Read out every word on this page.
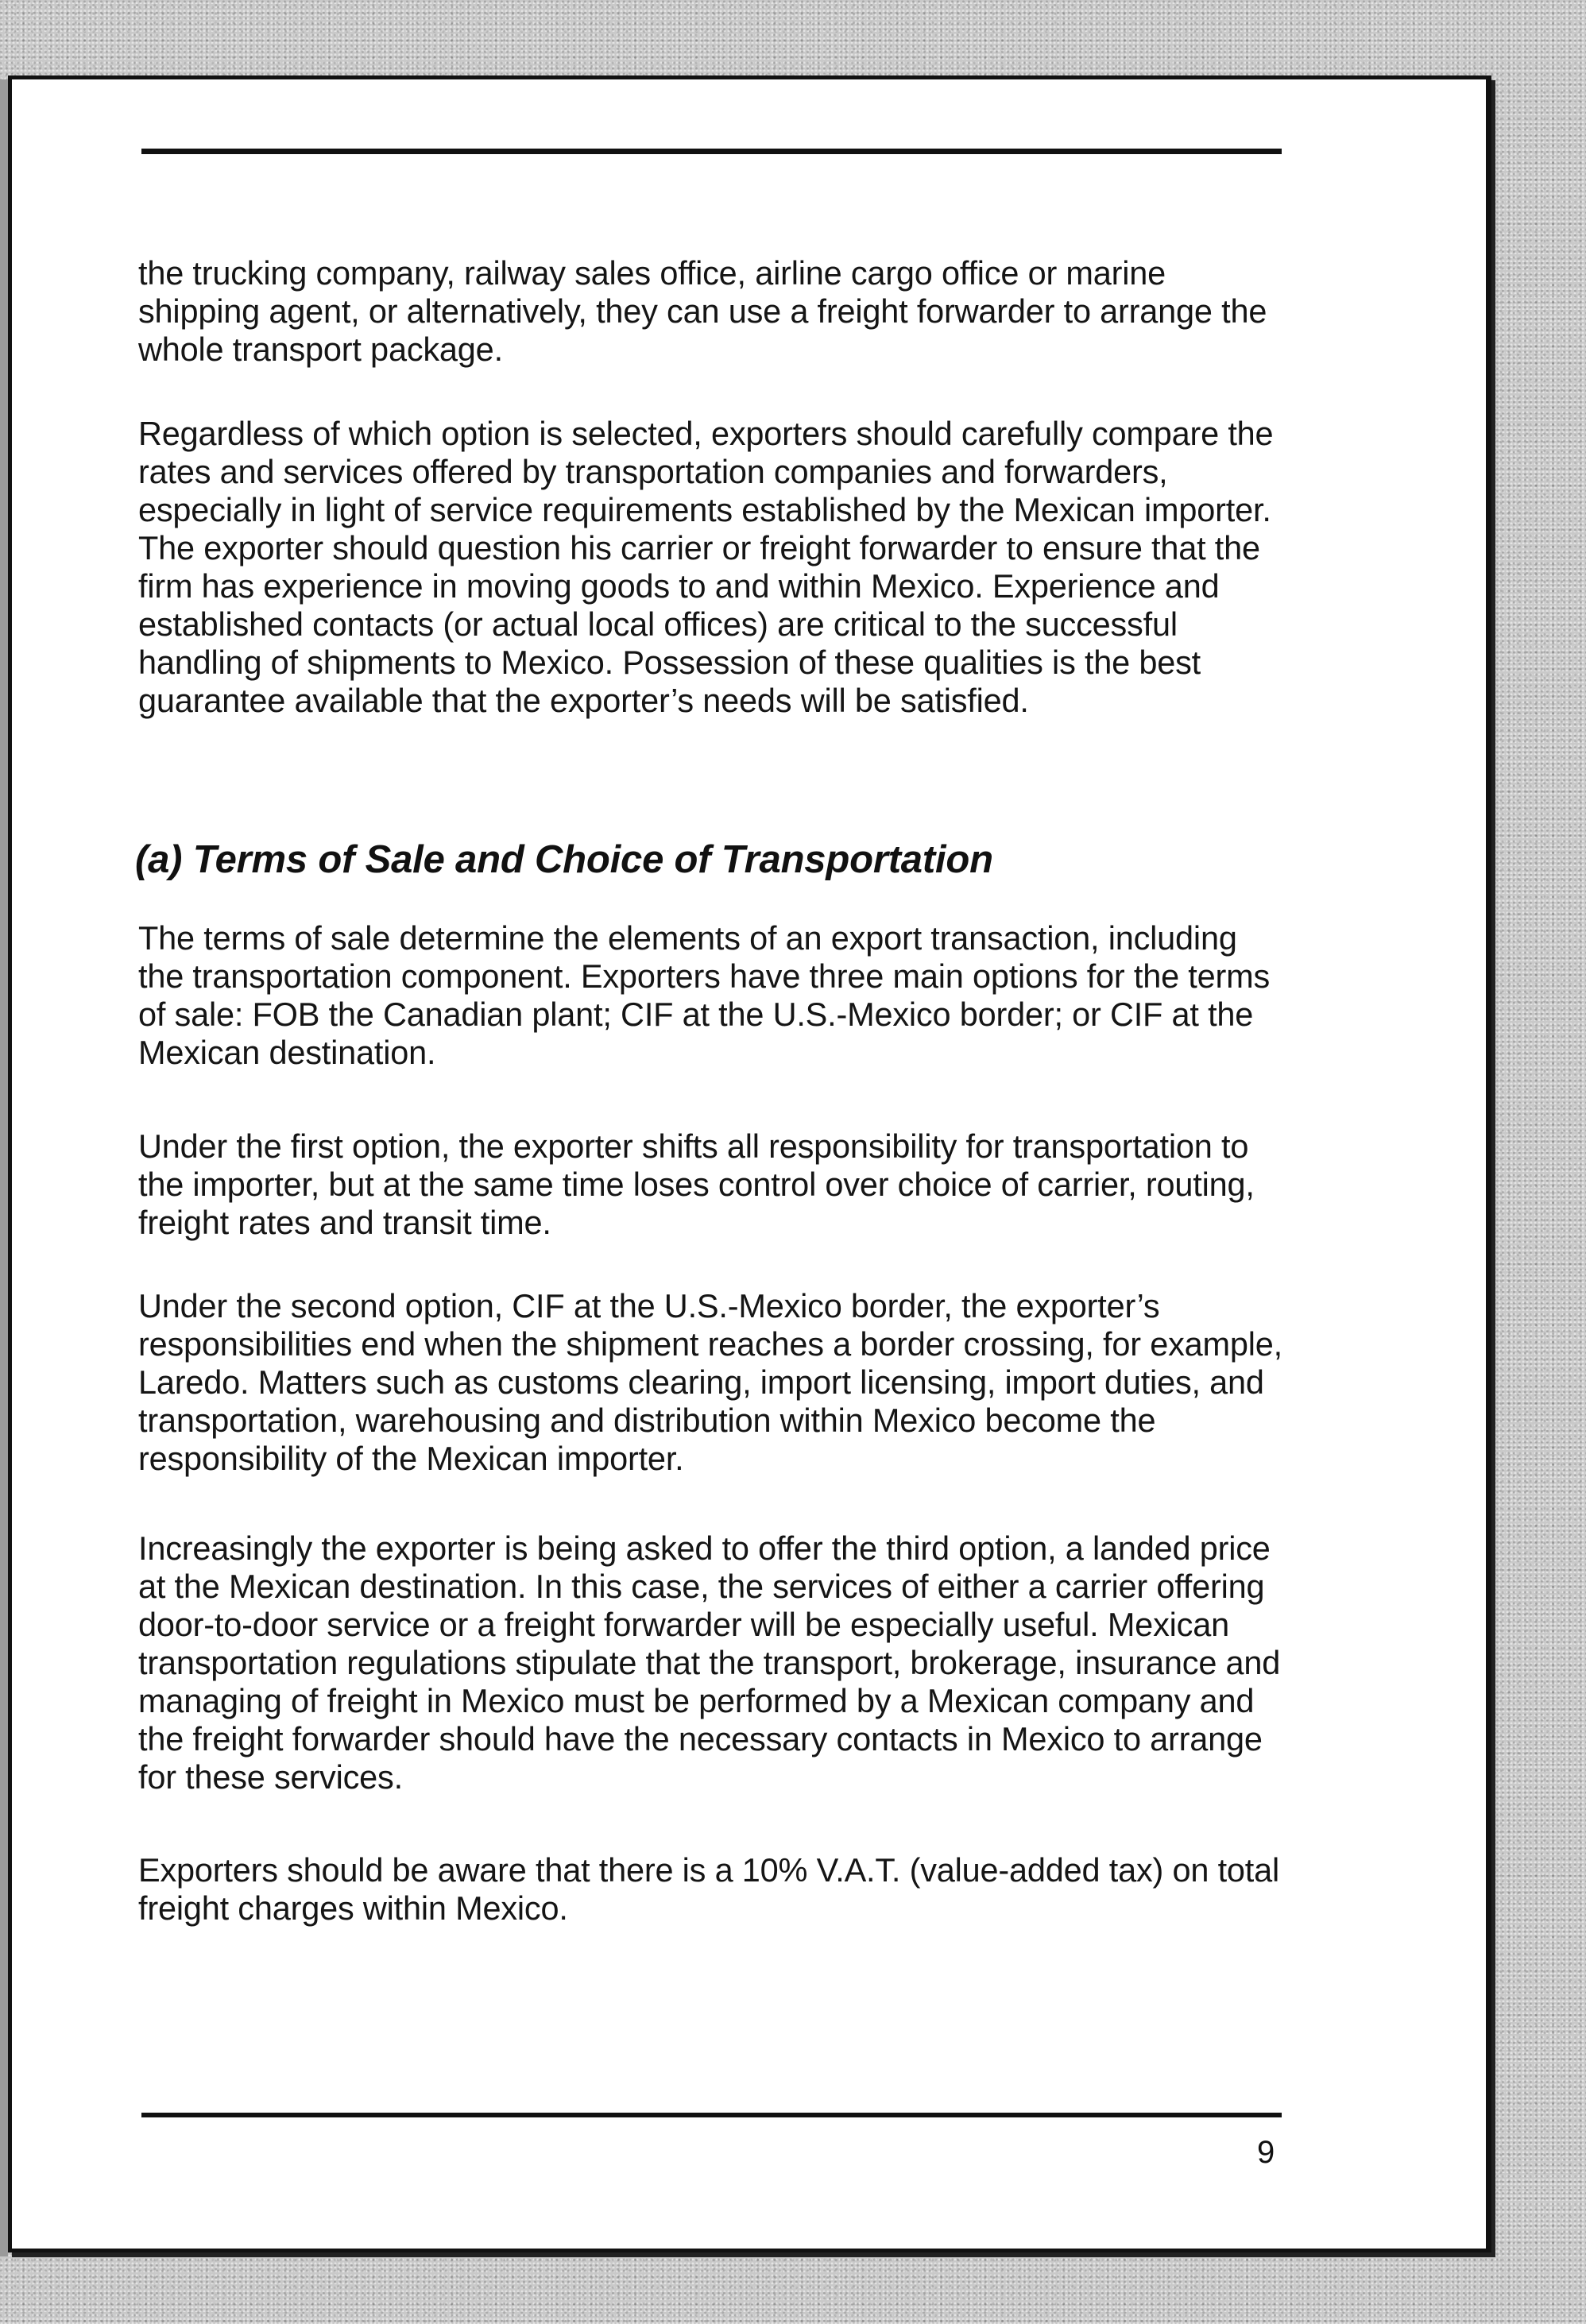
the trucking company, railway sales office, airline cargo office or marine shipping agent, or alternatively, they can use a freight forwarder to arrange the whole transport package.
Regardless of which option is selected, exporters should carefully compare the rates and services offered by transportation companies and forwarders, especially in light of service requirements established by the Mexican importer. The exporter should question his carrier or freight forwarder to ensure that the firm has experience in moving goods to and within Mexico. Experience and established contacts (or actual local offices) are critical to the successful handling of shipments to Mexico. Possession of these qualities is the best guarantee available that the exporter’s needs will be satisfied.
(a) Terms of Sale and Choice of Transportation
The terms of sale determine the elements of an export transaction, including the transportation component. Exporters have three main options for the terms of sale: FOB the Canadian plant; CIF at the U.S.-Mexico border; or CIF at the Mexican destination.
Under the first option, the exporter shifts all responsibility for transportation to the importer, but at the same time loses control over choice of carrier, routing, freight rates and transit time.
Under the second option, CIF at the U.S.-Mexico border, the exporter’s responsibilities end when the shipment reaches a border crossing, for example, Laredo. Matters such as customs clearing, import licensing, import duties, and transportation, warehousing and distribution within Mexico become the responsibility of the Mexican importer.
Increasingly the exporter is being asked to offer the third option, a landed price at the Mexican destination. In this case, the services of either a carrier offering door-to-door service or a freight forwarder will be especially useful. Mexican transportation regulations stipulate that the transport, brokerage, insurance and managing of freight in Mexico must be performed by a Mexican company and the freight forwarder should have the necessary contacts in Mexico to arrange for these services.
Exporters should be aware that there is a 10% V.A.T. (value-added tax) on total freight charges within Mexico.
9
